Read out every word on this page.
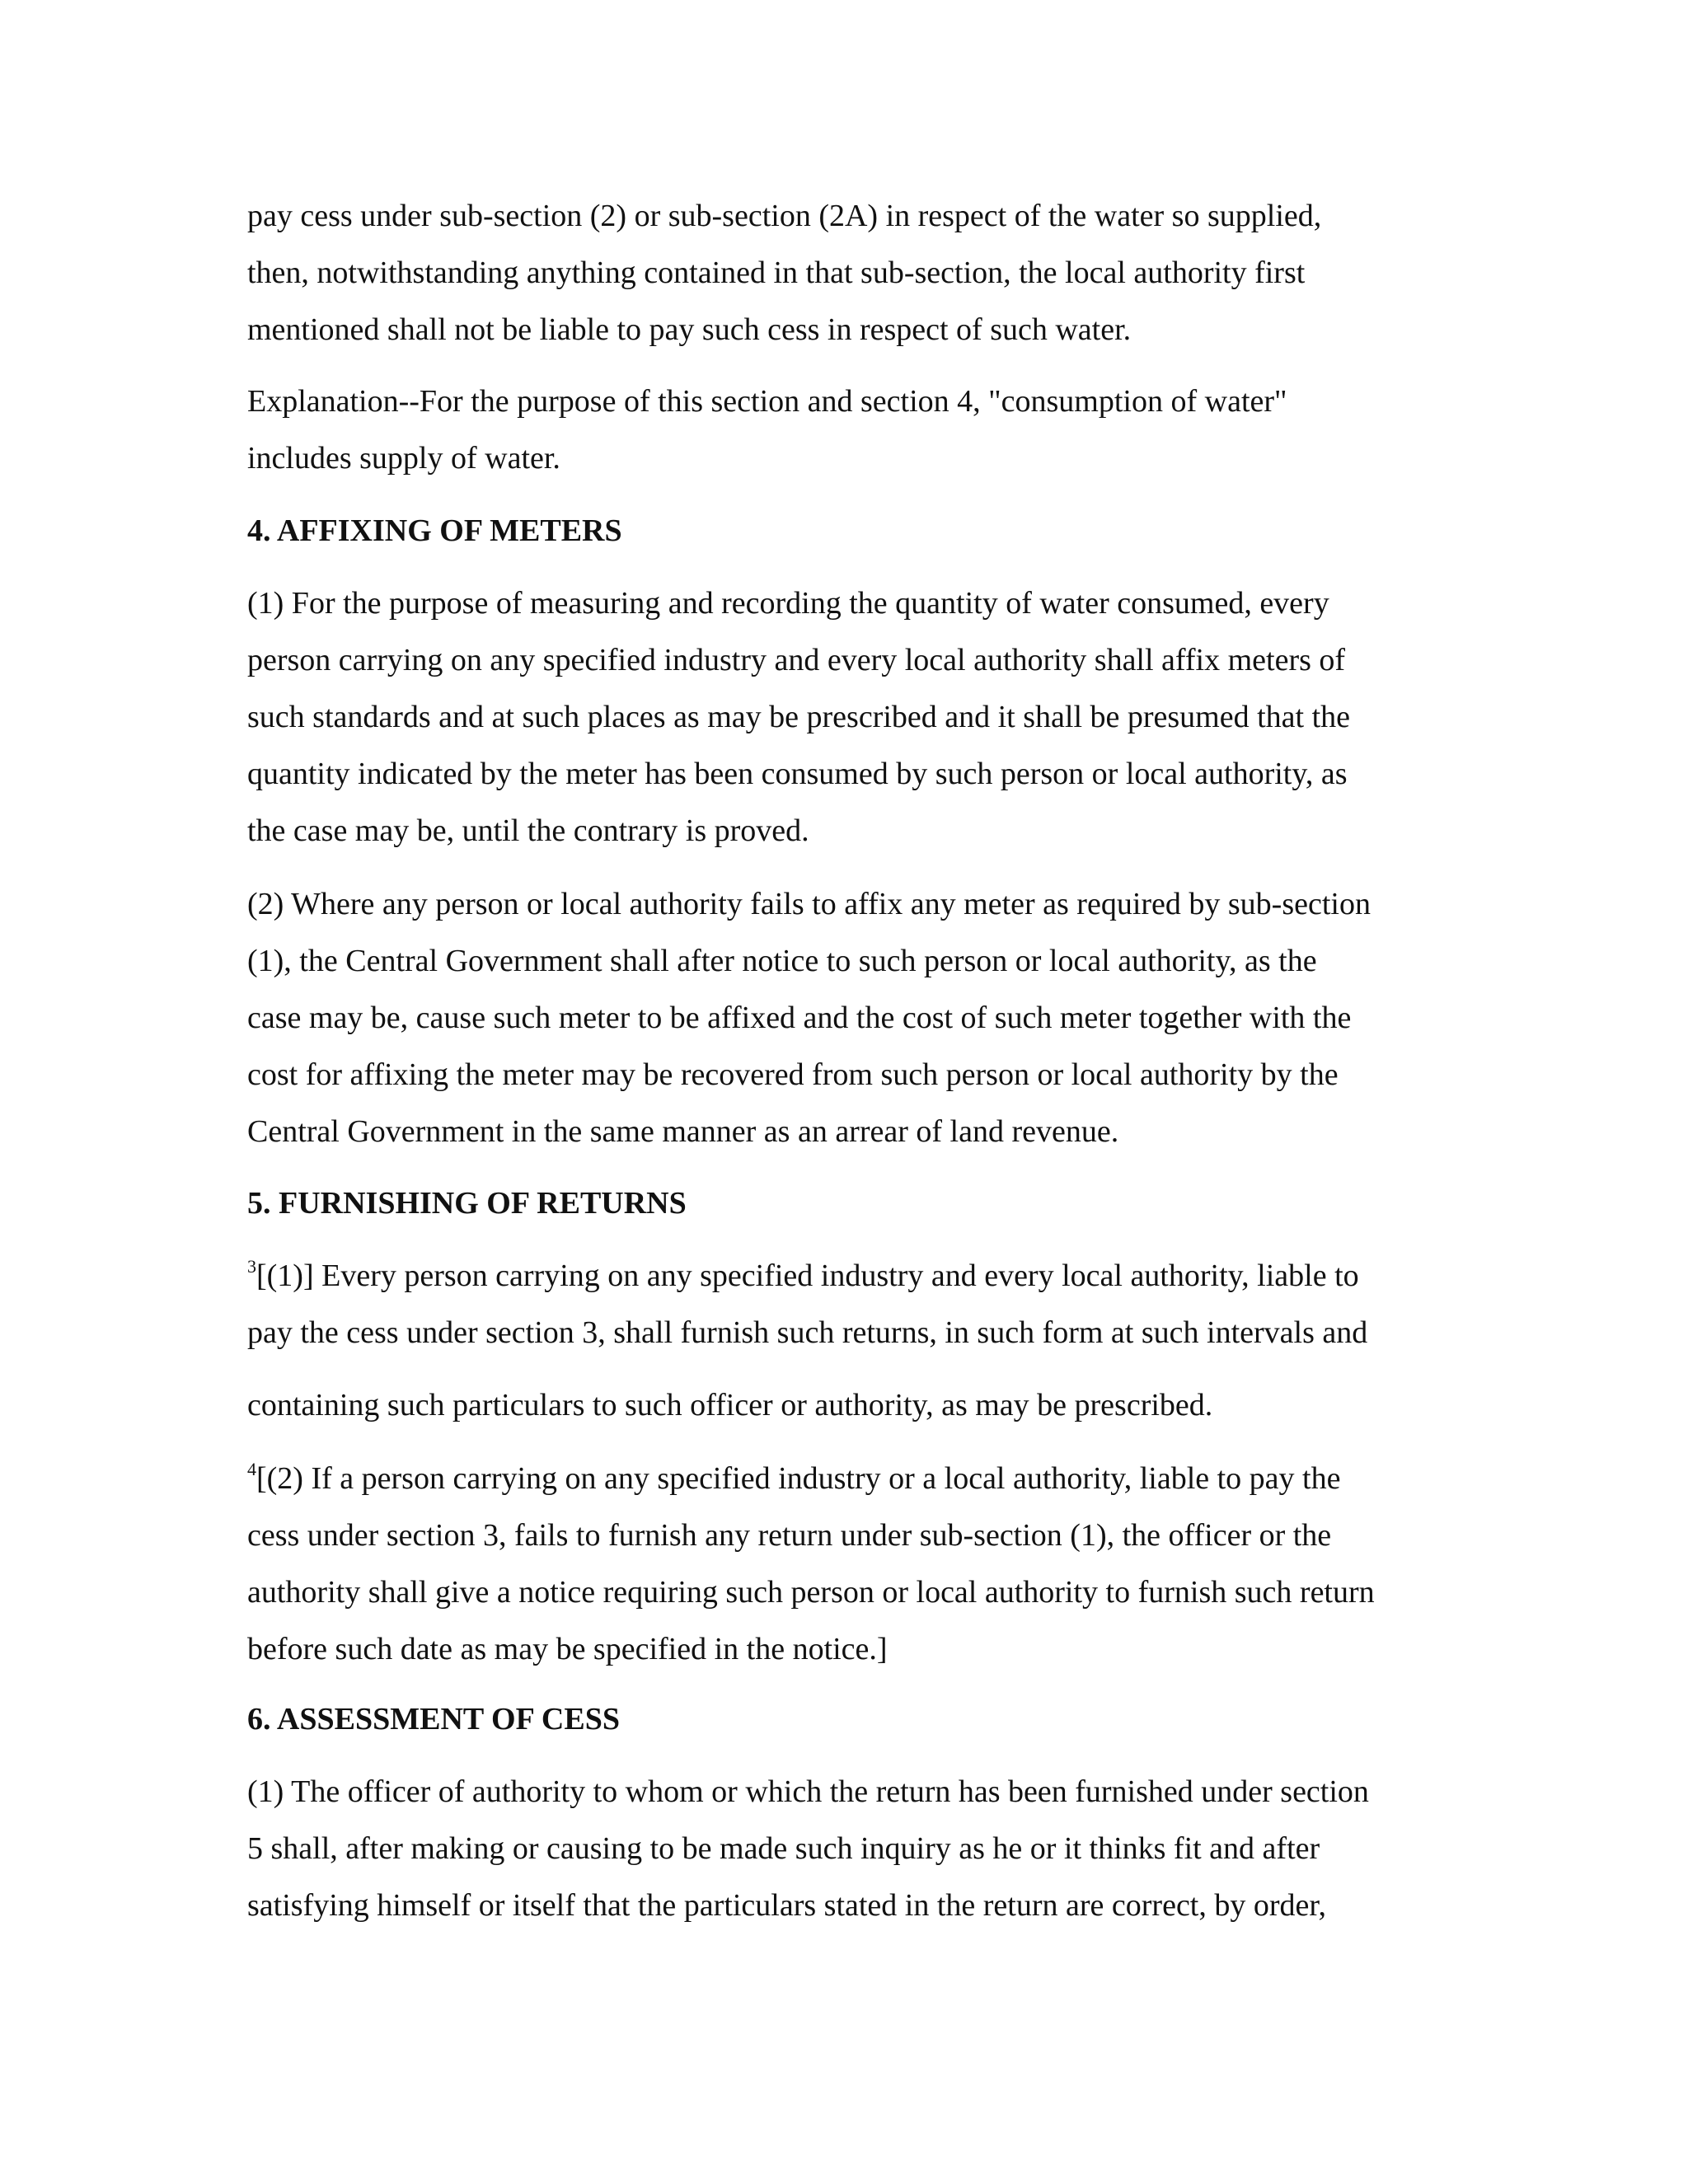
pay cess under sub-section (2) or sub-section (2A) in respect of the water so supplied,
then, notwithstanding anything contained in that sub-section, the local authority first
mentioned shall not be liable to pay such cess in respect of such water.
Explanation--For the purpose of this section and section 4, "consumption of water"
includes supply of water.
4. AFFIXING OF METERS
(1) For the purpose of measuring and recording the quantity of water consumed, every
person carrying on any specified industry and every local authority shall affix meters of
such standards and at such places as may be prescribed and it shall be presumed that the
quantity indicated by the meter has been consumed by such person or local authority, as
the case may be, until the contrary is proved.
(2) Where any person or local authority fails to affix any meter as required by sub-section
(1), the Central Government shall after notice to such person or local authority, as the
case may be, cause such meter to be affixed and the cost of such meter together with the
cost for affixing the meter may be recovered from such person or local authority by the
Central Government in the same manner as an arrear of land revenue.
5. FURNISHING OF RETURNS
$^3$[(1)] Every person carrying on any specified industry and every local authority, liable to
pay the cess under section 3, shall furnish such returns, in such form at such intervals and
containing such particulars to such officer or authority, as may be prescribed.
$^4$[(2) If a person carrying on any specified industry or a local authority, liable to pay the
cess under section 3, fails to furnish any return under sub-section (1), the officer or the
authority shall give a notice requiring such person or local authority to furnish such return
before such date as may be specified in the notice.]
6. ASSESSMENT OF CESS
(1) The officer of authority to whom or which the return has been furnished under section
5 shall, after making or causing to be made such inquiry as he or it thinks fit and after
satisfying himself or itself that the particulars stated in the return are correct, by order,
